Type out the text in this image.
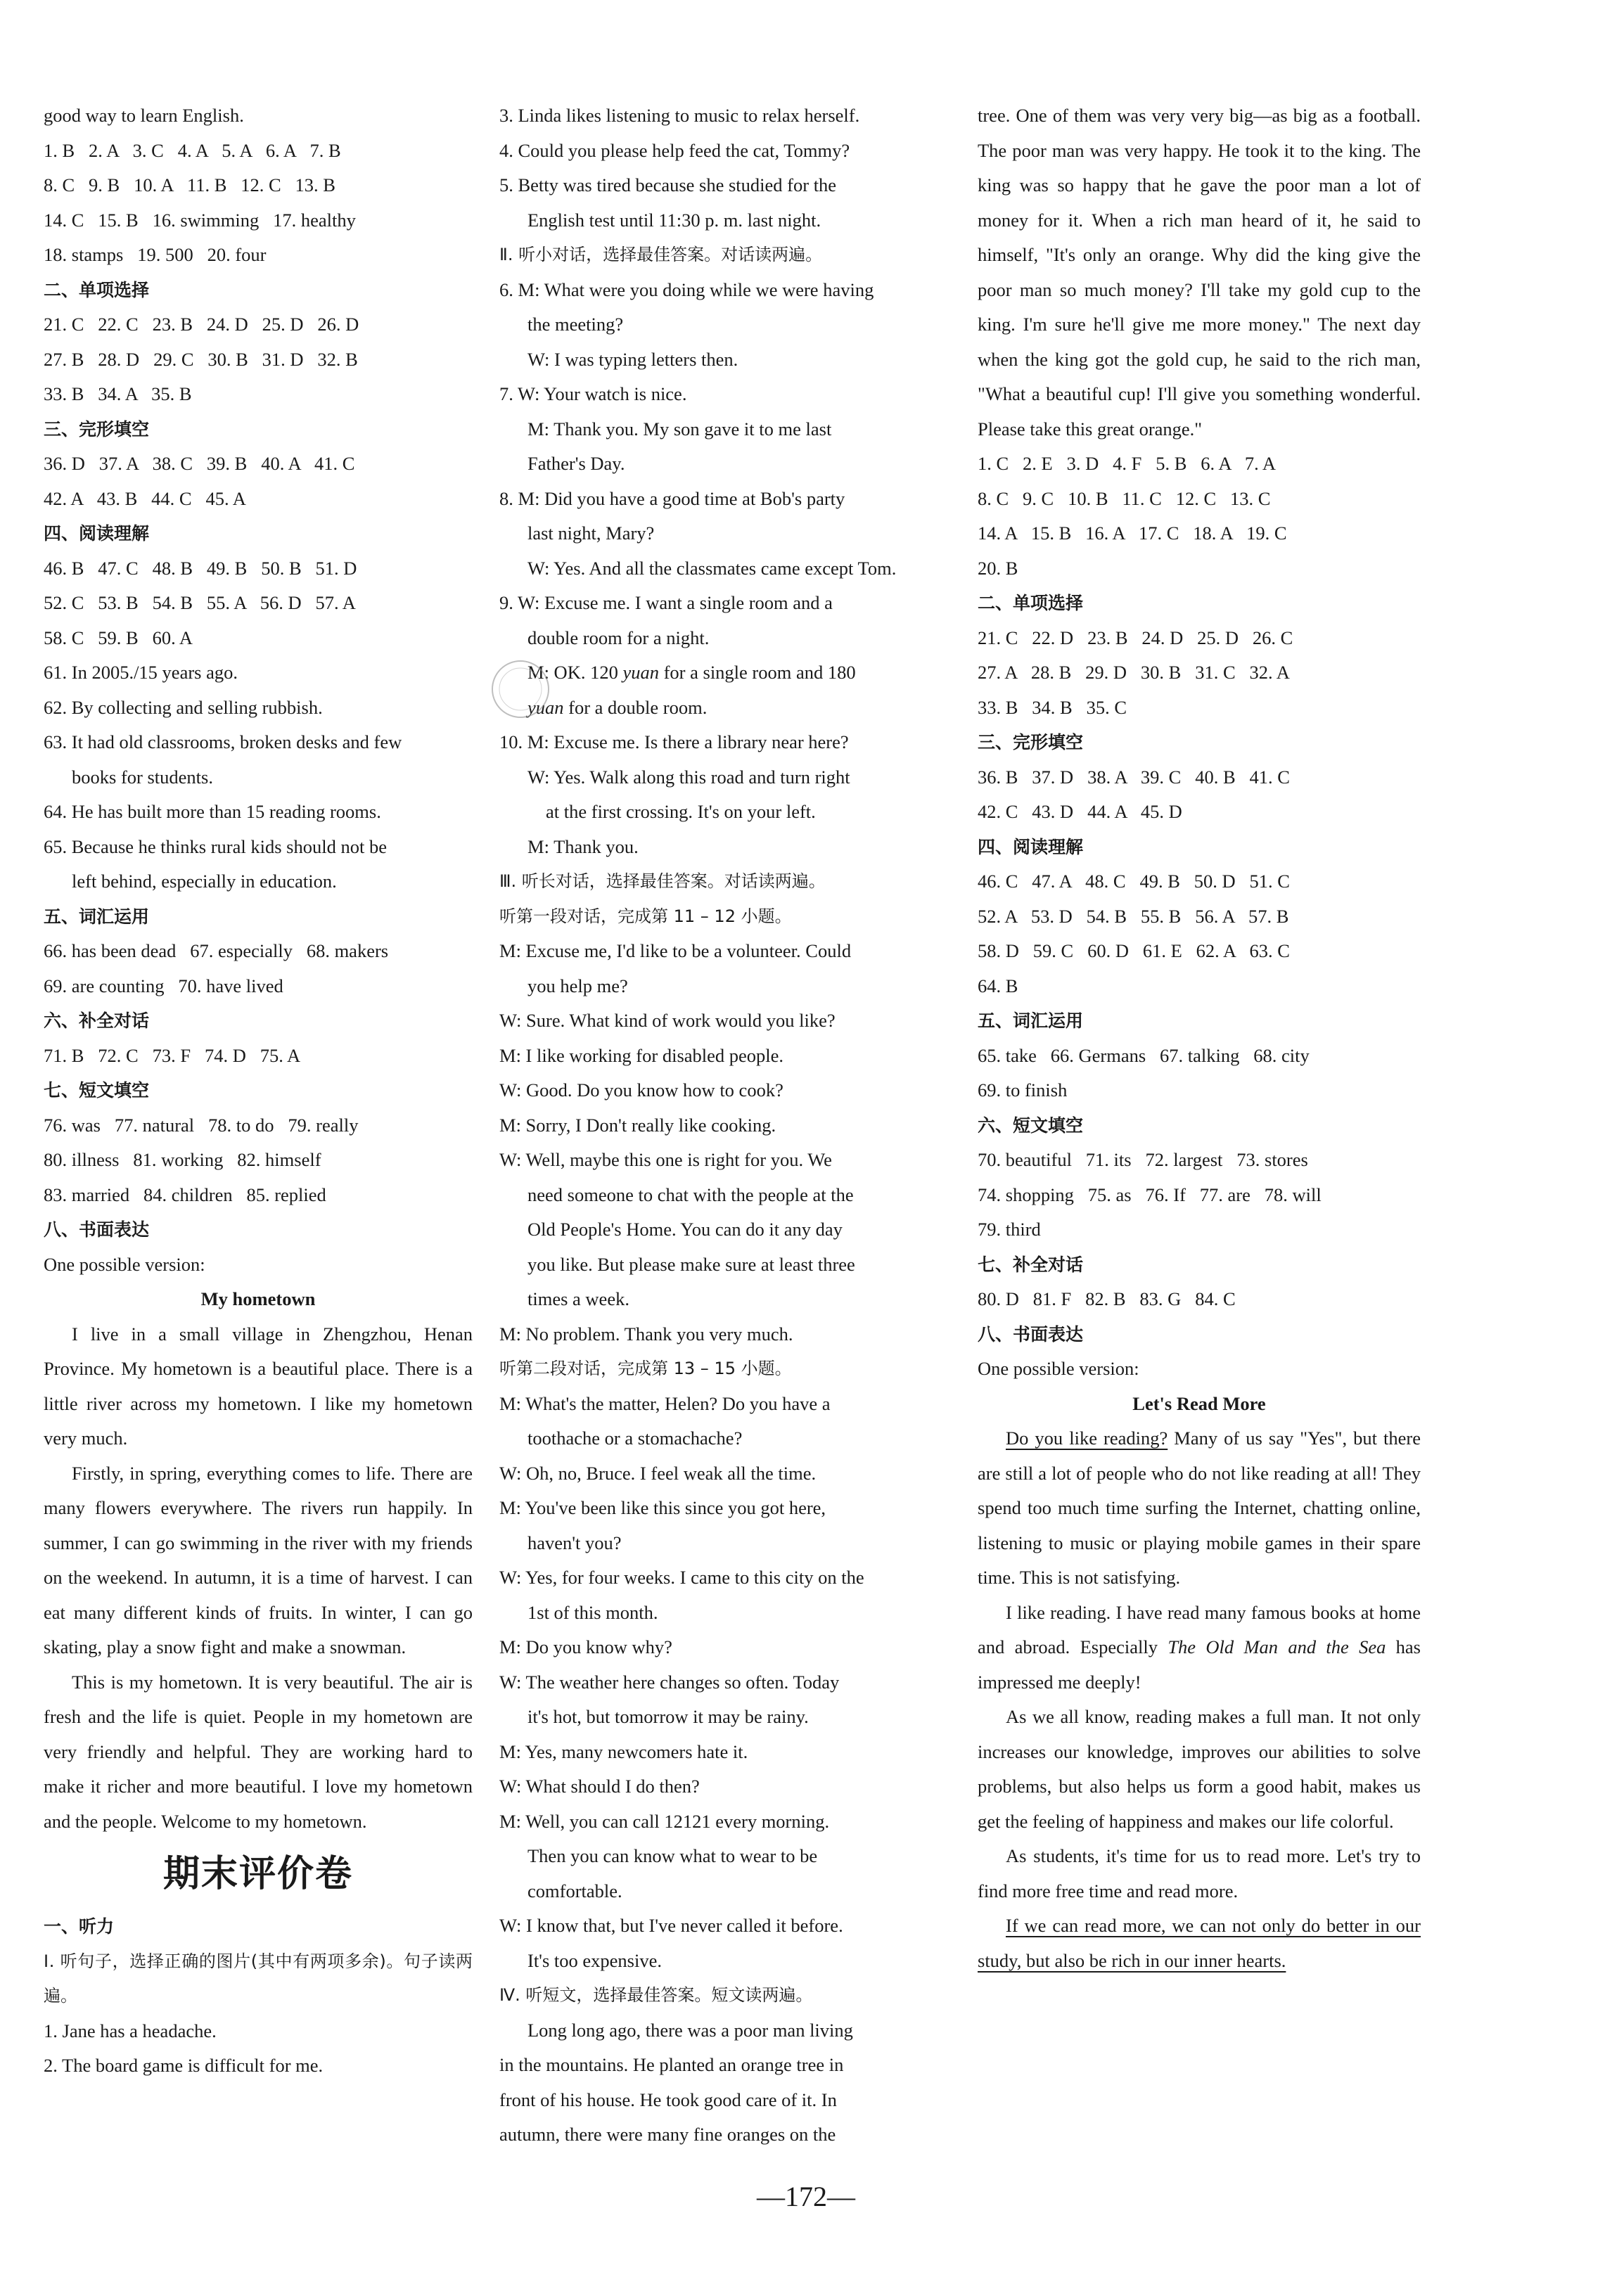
good way to learn English.

1. B   2. A   3. C   4. A   5. A   6. A   7. B

8. C   9. B   10. A   11. B   12. C   13. B

14. C   15. B   16. swimming   17. healthy

18. stamps   19. 500   20. four

二、单项选择

21. C   22. C   23. B   24. D   25. D   26. D

27. B   28. D   29. C   30. B   31. D   32. B

33. B   34. A   35. B

三、完形填空

36. D   37. A   38. C   39. B   40. A   41. C

42. A   43. B   44. C   45. A

四、阅读理解

46. B   47. C   48. B   49. B   50. B   51. D

52. C   53. B   54. B   55. A   56. D   57. A

58. C   59. B   60. A

61. In 2005./15 years ago.

62. By collecting and selling rubbish.

63. It had old classrooms, broken desks and few

books for students.

64. He has built more than 15 reading rooms.

65. Because he thinks rural kids should not be

left behind, especially in education.

五、词汇运用

66. has been dead   67. especially   68. makers

69. are counting   70. have lived

六、补全对话

71. B   72. C   73. F   74. D   75. A

七、短文填空

76. was   77. natural   78. to do   79. really

80. illness   81. working   82. himself

83. married   84. children   85. replied

八、书面表达

One possible version:

My hometown

I live in a small village in Zhengzhou, Henan Province. My hometown is a beautiful place. There is a little river across my hometown. I like my hometown very much.

Firstly, in spring, everything comes to life. There are many flowers everywhere. The rivers run happily. In summer, I can go swimming in the river with my friends on the weekend. In autumn, it is a time of harvest. I can eat many different kinds of fruits. In winter, I can go skating, play a snow fight and make a snowman.

This is my hometown. It is very beautiful. The air is fresh and the life is quiet. People in my hometown are very friendly and helpful. They are working hard to make it richer and more beautiful. I love my hometown and the people. Welcome to my hometown.

期末评价卷

一、听力

Ⅰ. 听句子，选择正确的图片(其中有两项多余)。句子读两遍。

1. Jane has a headache.

2. The board game is difficult for me.

3. Linda likes listening to music to relax herself.

4. Could you please help feed the cat, Tommy?

5. Betty was tired because she studied for the

English test until 11:30 p. m. last night.

Ⅱ. 听小对话，选择最佳答案。对话读两遍。

6. M: What were you doing while we were having

the meeting?

W: I was typing letters then.

7. W: Your watch is nice.

M: Thank you. My son gave it to me last

Father's Day.

8. M: Did you have a good time at Bob's party

last night, Mary?

W: Yes. And all the classmates came except Tom.

9. W: Excuse me. I want a single room and a

double room for a night.

M: OK. 120 yuan for a single room and 180

yuan for a double room.

10. M: Excuse me. Is there a library near here?

W: Yes. Walk along this road and turn right

at the first crossing. It's on your left.

M: Thank you.

Ⅲ. 听长对话，选择最佳答案。对话读两遍。

听第一段对话，完成第 11 – 12 小题。

M: Excuse me, I'd like to be a volunteer. Could

you help me?

W: Sure. What kind of work would you like?

M: I like working for disabled people.

W: Good. Do you know how to cook?

M: Sorry, I Don't really like cooking.

W: Well, maybe this one is right for you. We

need someone to chat with the people at the

Old People's Home. You can do it any day

you like. But please make sure at least three

times a week.

M: No problem. Thank you very much.

听第二段对话，完成第 13 – 15 小题。

M: What's the matter, Helen? Do you have a

toothache or a stomachache?

W: Oh, no, Bruce. I feel weak all the time.

M: You've been like this since you got here,

haven't you?

W: Yes, for four weeks. I came to this city on the

1st of this month.

M: Do you know why?

W: The weather here changes so often. Today

it's hot, but tomorrow it may be rainy.

M: Yes, many newcomers hate it.

W: What should I do then?

M: Well, you can call 12121 every morning.

Then you can know what to wear to be

comfortable.

W: I know that, but I've never called it before.

It's too expensive.

Ⅳ. 听短文，选择最佳答案。短文读两遍。

Long long ago, there was a poor man living

in the mountains. He planted an orange tree in

front of his house. He took good care of it. In

autumn, there were many fine oranges on the

tree. One of them was very very big—as big as a football. The poor man was very happy. He took it to the king. The king was so happy that he gave the poor man a lot of money for it. When a rich man heard of it, he said to himself, "It's only an orange. Why did the king give the poor man so much money? I'll take my gold cup to the king. I'm sure he'll give me more money." The next day when the king got the gold cup, he said to the rich man, "What a beautiful cup! I'll give you something wonderful. Please take this great orange."

1. C   2. E   3. D   4. F   5. B   6. A   7. A

8. C   9. C   10. B   11. C   12. C   13. C

14. A   15. B   16. A   17. C   18. A   19. C

20. B

二、单项选择

21. C   22. D   23. B   24. D   25. D   26. C

27. A   28. B   29. D   30. B   31. C   32. A

33. B   34. B   35. C

三、完形填空

36. B   37. D   38. A   39. C   40. B   41. C

42. C   43. D   44. A   45. D

四、阅读理解

46. C   47. A   48. C   49. B   50. D   51. C

52. A   53. D   54. B   55. B   56. A   57. B

58. D   59. C   60. D   61. E   62. A   63. C

64. B

五、词汇运用

65. take   66. Germans   67. talking   68. city

69. to finish

六、短文填空

70. beautiful   71. its   72. largest   73. stores

74. shopping   75. as   76. If   77. are   78. will

79. third

七、补全对话

80. D   81. F   82. B   83. G   84. C

八、书面表达

One possible version:

Let's Read More

Do you like reading? Many of us say "Yes", but there are still a lot of people who do not like reading at all! They spend too much time surfing the Internet, chatting online, listening to music or playing mobile games in their spare time. This is not satisfying.

I like reading. I have read many famous books at home and abroad. Especially The Old Man and the Sea has impressed me deeply!

As we all know, reading makes a full man. It not only increases our knowledge, improves our abilities to solve problems, but also helps us form a good habit, makes us get the feeling of happiness and makes our life colorful.

As students, it's time for us to read more. Let's try to find more free time and read more.

If we can read more, we can not only do better in our study, but also be rich in our inner hearts.

—172—
